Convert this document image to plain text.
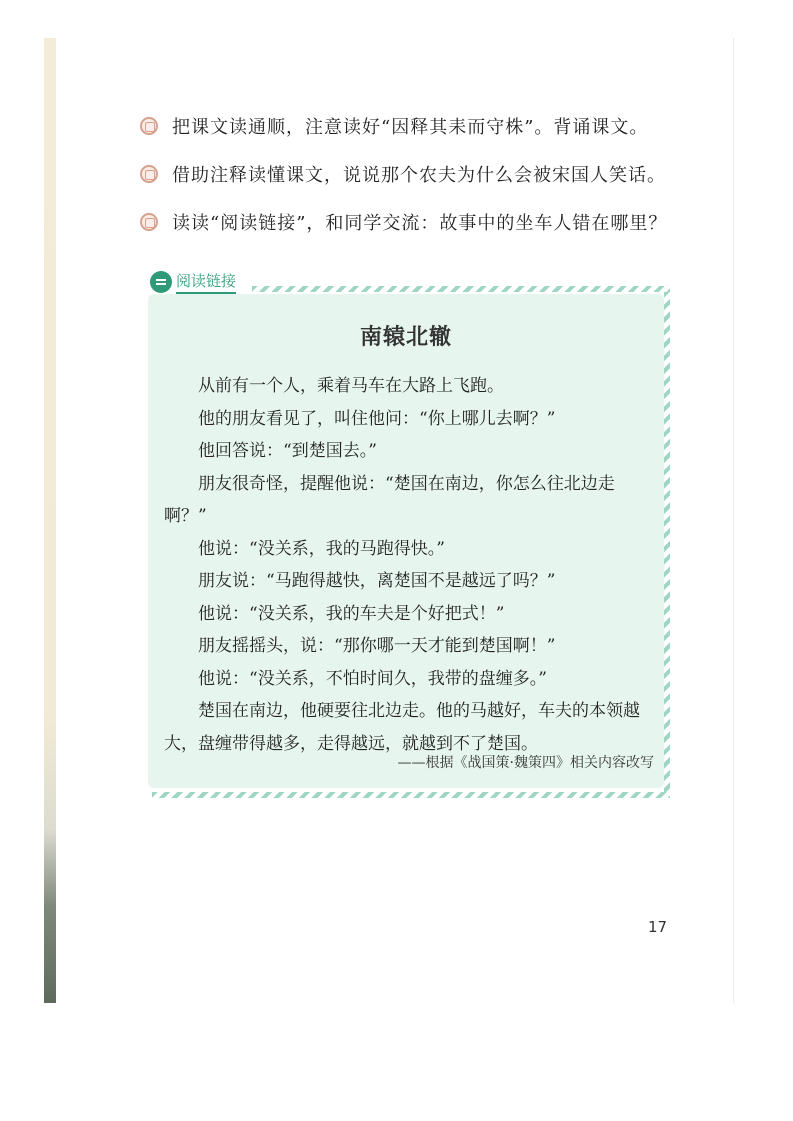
把课文读通顺，注意读好“因释其耒而守株”。背诵课文。
借助注释读懂课文，说说那个农夫为什么会被宋国人笑话。
读读“阅读链接”，和同学交流：故事中的坐车人错在哪里？
阅读链接
南辕北辙

从前有一个人，乘着马车在大路上飞跑。

他的朋友看见了，叫住他问：“你上哪儿去啊？”

他回答说：“到楚国去。”

朋友很奇怪，提醒他说：“楚国在南边，你怎么往北边走啊？”

他说：“没关系，我的马跑得快。”

朋友说：“马跑得越快，离楚国不是越远了吗？”

他说：“没关系，我的车夫是个好把式！”

朋友摇摇头，说：“那你哪一天才能到楚国啊！”

他说：“没关系，不怕时间久，我带的盘缠多。”

楚国在南边，他硬要往北边走。他的马越好，车夫的本领越大，盘缠带得越多，走得越远，就越到不了楚国。

——根据《战国策·魏策四》相关内容改写
17
